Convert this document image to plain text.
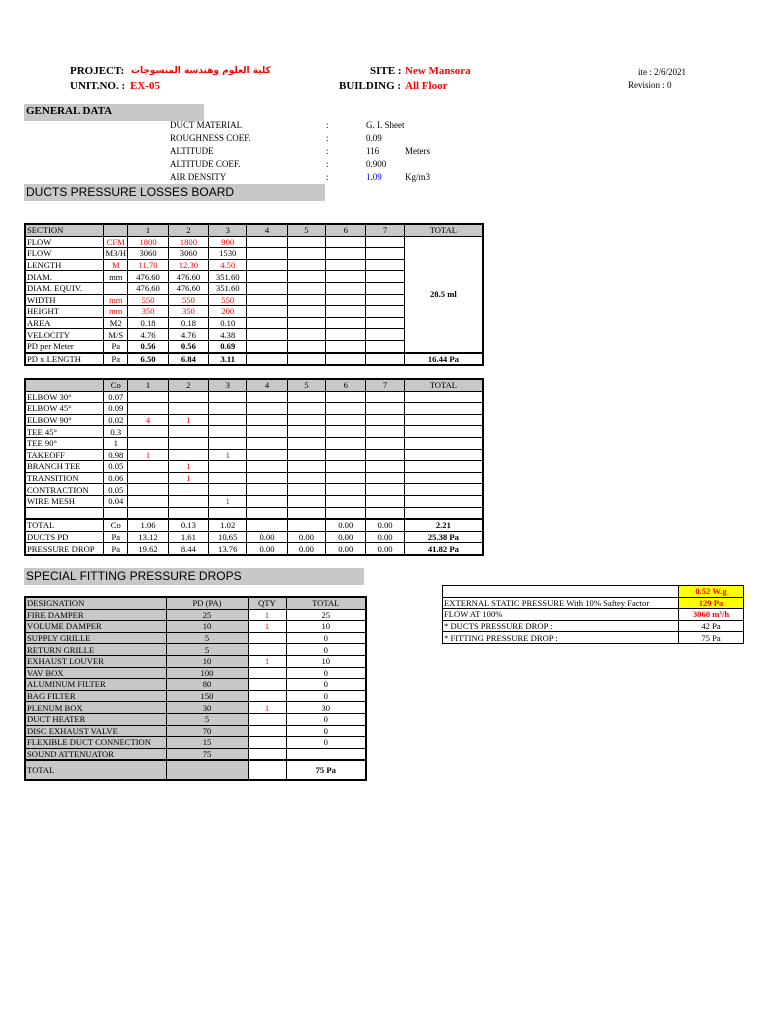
PROJECT: كلية العلوم وهندسة المنسوجات
UNIT.NO. : EX-05
SITE : New Mansora
BUILDING : All Floor
ite : 2/6/2021
Revision : 0
GENERAL DATA
DUCT MATERIAL	:	G. I. Sheet
ROUGHNESS COEF.	:	0.09
ALTITUDE	:	116	Meters
ALTITUDE COEF.	:	0.900
AIR DENSITY	:	1.09	Kg/m3
DUCTS PRESSURE LOSSES BOARD
SECTION		1	2	3	4	5	6	7	TOTAL
FLOW	CFM	1800	1800	900					28.5 ml
FLOW	M3/H	3060	3060	1530					
LENGTH	M	11.70	12.30	4.50					
DIAM.	mm	476.60	476.60	351.60					
DIAM. EQUIV.		476.60	476.60	351.60					
WIDTH	mm	550	550	550					
HEIGHT	mm	350	350	200					
AREA	M2	0.18	0.18	0.10					
VELOCITY	M/S	4.76	4.76	4.38					
PD per Meter	Pa	0.56	0.56	0.69					
PD x LENGTH	Pa	6.50	6.84	3.11					16.44 Pa
	Co	1	2	3	4	5	6	7	TOTAL
ELBOW 30°	0.07								
ELBOW 45°	0.09								
ELBOW 90°	0.02	4	1						
TEE 45°	0.3								
TEE 90°	1								
TAKEOFF	0.98	1		1					
BRANCH TEE	0.05		1						
TRANSITION	0.06		1						
CONTRACTION	0.05								
WIRE MESH	0.04			1					

TOTAL	Co	1.06	0.13	1.02			0.00	0.00	2.21
DUCTS PD	Pa	13.12	1.61	10.65	0.00	0.00	0.00	0.00	25.38 Pa
PRESSURE DROP	Pa	19.62	8.44	13.76	0.00	0.00	0.00	0.00	41.82 Pa
SPECIAL FITTING PRESSURE DROPS
DESIGNATION	PD (PA)	QTY	TOTAL
FIRE DAMPER	25	1	25
VOLUME DAMPER	10	1	10
SUPPLY GRILLE	5		0
RETURN GRILLE	5		0
EXHAUST LOUVER	10	1	10
VAV BOX	100		0
ALUMINUM FILTER	80		0
BAG FILTER	150		0
PLENUM BOX	30	1	30
DUCT HEATER	5		0
DISC EXHAUST VALVE	70		0
FLEXIBLE DUCT CONNECTION	15		0
SOUND ATTENUATOR	75		
TOTAL			75 Pa
	0.52 W.g
EXTERNAL STATIC PRESSURE With 10% Saftey Factor	129 Pa
FLOW AT 100%	3060 m³/h
* DUCTS PRESSURE DROP :	42 Pa
* FITTING PRESSURE DROP :	75 Pa
